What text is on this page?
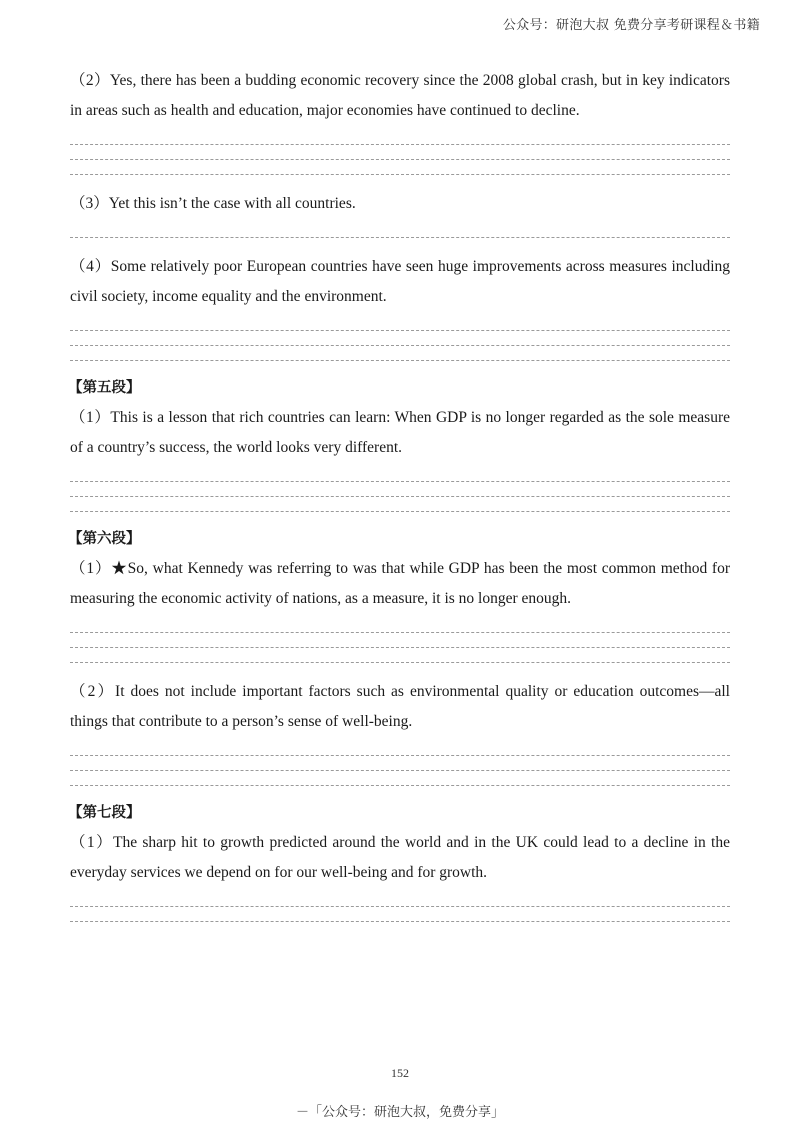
公众号：研泡大叔 免费分享考研课程＆书籍

（2）Yes, there has been a budding economic recovery since the 2008 global crash, but in key indicators in areas such as health and education, major economies have continued to decline.

（3）Yet this isn’t the case with all countries.

（4）Some relatively poor European countries have seen huge improvements across measures including civil society, income equality and the environment.

【第五段】

（1）This is a lesson that rich countries can learn: When GDP is no longer regarded as the sole measure of a country’s success, the world looks very different.

【第六段】

（1）★So, what Kennedy was referring to was that while GDP has been the most common method for measuring the economic activity of nations, as a measure, it is no longer enough.

（2）It does not include important factors such as environmental quality or education outcomes—all things that contribute to a person’s sense of well-being.

【第七段】

（1）The sharp hit to growth predicted around the world and in the UK could lead to a decline in the everyday services we depend on for our well-being and for growth.

152
－「公众号：研泡大叔，免费分享」
